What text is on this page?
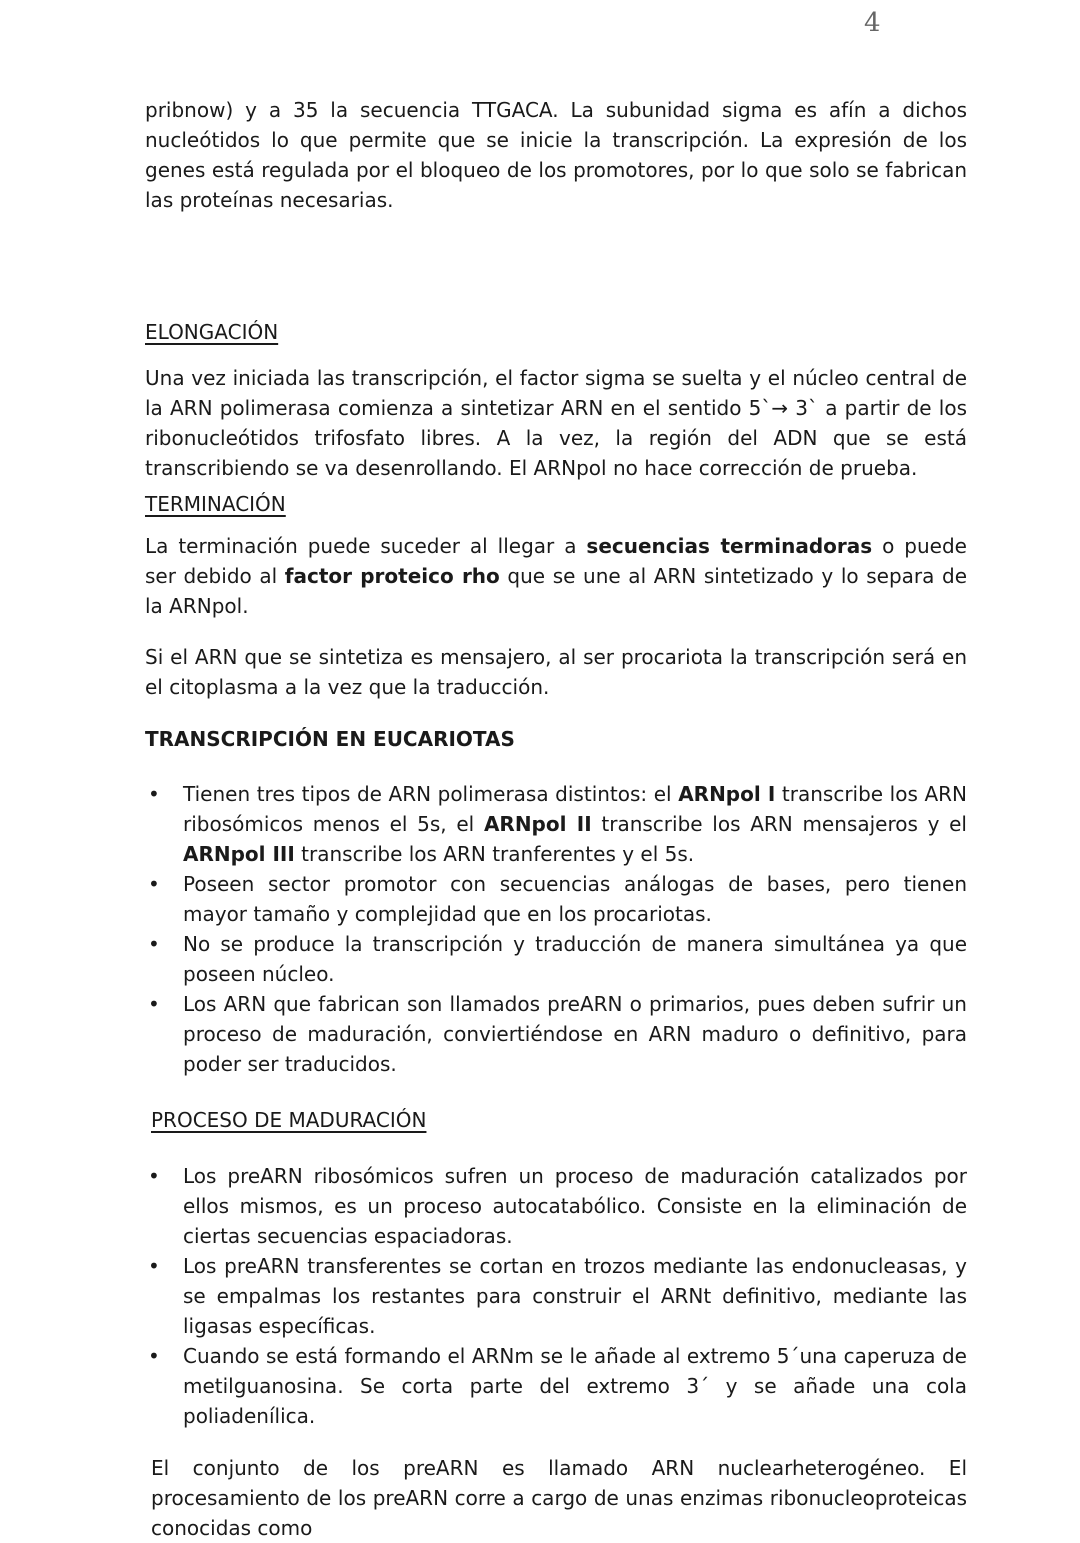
4

pribnow) y a 35 la secuencia TTGACA. La subunidad sigma es afín a dichos nucleótidos lo que permite que se inicie la transcripción. La expresión de los genes está regulada por el bloqueo de los promotores, por lo que solo se fabrican las proteínas necesarias.

ELONGACIÓN

Una vez iniciada las transcripción, el factor sigma se suelta y el núcleo central de la ARN polimerasa comienza a sintetizar ARN en el sentido 5`→ 3` a partir de los ribonucleótidos trifosfato libres. A la vez, la región del ADN que se está transcribiendo se va desenrollando. El ARNpol no hace corrección de prueba.

TERMINACIÓN

La terminación puede suceder al llegar a secuencias terminadoras o puede ser debido al factor proteico rho que se une al ARN sintetizado y lo separa de la ARNpol.

Si el ARN que se sintetiza es mensajero, al ser procariota la transcripción será en el citoplasma a la vez que la traducción.

TRANSCRIPCIÓN EN EUCARIOTAS

• Tienen tres tipos de ARN polimerasa distintos: el ARNpol I transcribe los ARN ribosómicos menos el 5s, el ARNpol II transcribe los ARN mensajeros y el ARNpol III transcribe los ARN tranferentes y el 5s.
• Poseen sector promotor con secuencias análogas de bases, pero tienen mayor tamaño y complejidad que en los procariotas.
• No se produce la transcripción y traducción de manera simultánea ya que poseen núcleo.
• Los ARN que fabrican son llamados preARN o primarios, pues deben sufrir un proceso de maduración, conviertiéndose en ARN maduro o definitivo, para poder ser traducidos.

PROCESO DE MADURACIÓN

• Los preARN ribosómicos sufren un proceso de maduración catalizados por ellos mismos, es un proceso autocatabólico. Consiste en la eliminación de ciertas secuencias espaciadoras.
• Los preARN transferentes se cortan en trozos mediante las endonucleasas, y se empalmas los restantes para construir el ARNt definitivo, mediante las ligasas específicas.
• Cuando se está formando el ARNm se le añade al extremo 5´una caperuza de metilguanosina. Se corta parte del extremo 3´ y se añade una cola poliadenílica.

El conjunto de los preARN es llamado ARN nuclearheterogéneo. El procesamiento de los preARN corre a cargo de unas enzimas ribonucleoproteicas conocidas como
